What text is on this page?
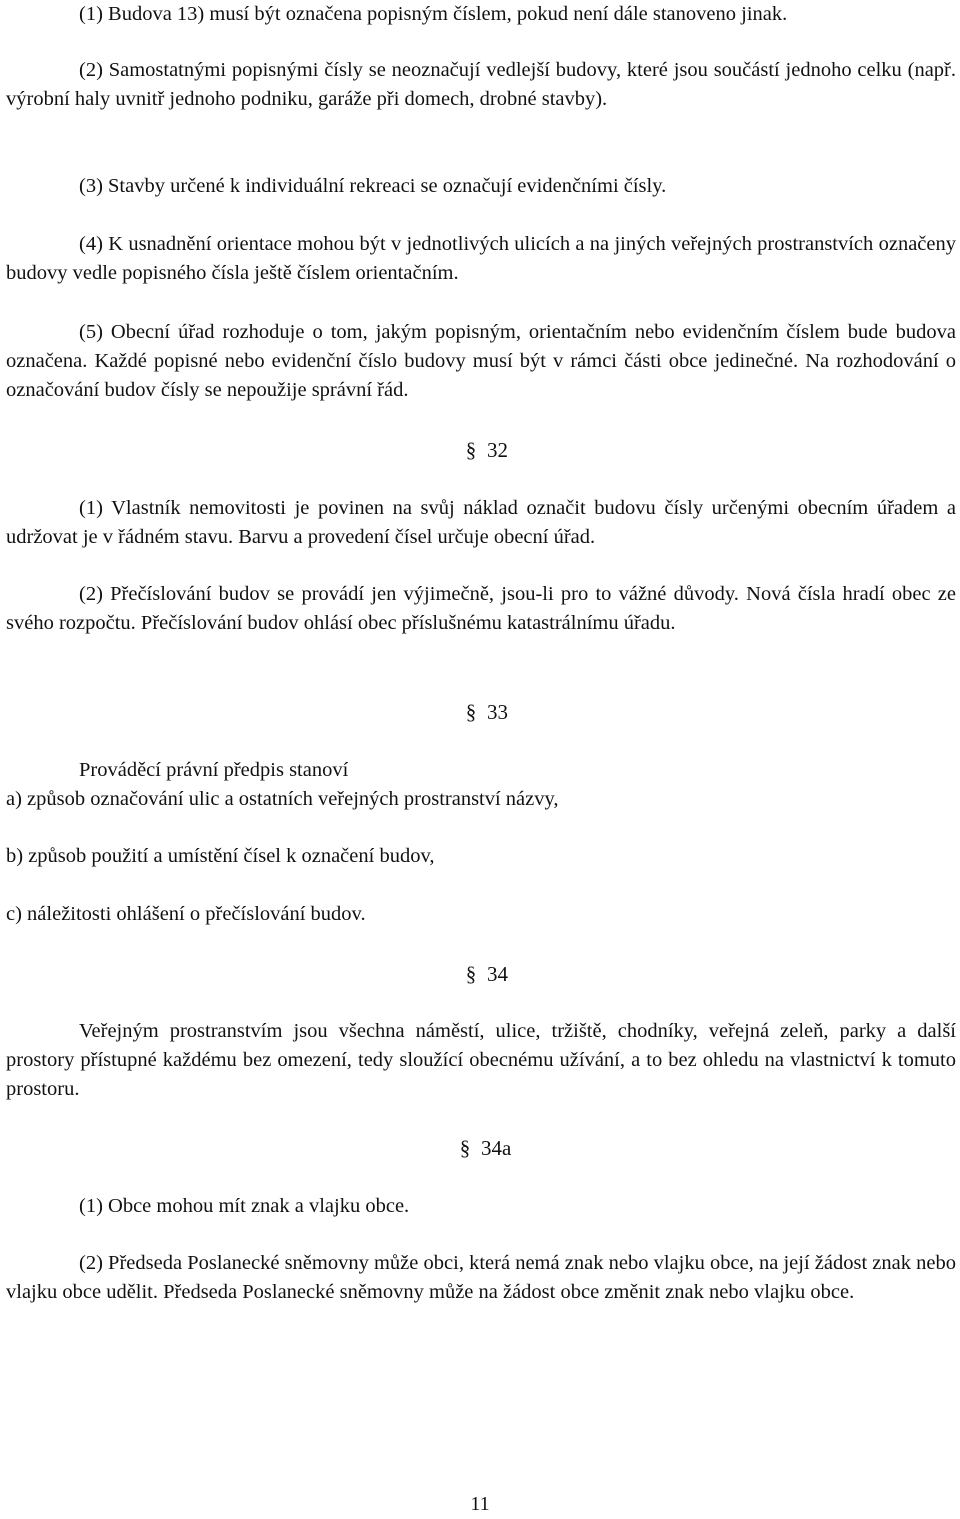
(1) Budova 13) musí být označena popisným číslem, pokud není dále stanoveno jinak.

(2) Samostatnými popisnými čísly se neoznačují vedlejší budovy, které jsou součástí jednoho celku (např. výrobní haly uvnitř jednoho podniku, garáže při domech, drobné stavby).

(3) Stavby určené k individuální rekreaci se označují evidenčními čísly.

(4) K usnadnění orientace mohou být v jednotlivých ulicích a na jiných veřejných prostranstvích označeny budovy vedle popisného čísla ještě číslem orientačním.

(5) Obecní úřad rozhoduje o tom, jakým popisným, orientačním nebo evidenčním číslem bude budova označena. Každé popisné nebo evidenční číslo budovy musí být v rámci části obce jedinečné. Na rozhodování o označování budov čísly se nepoužije správní řád.

§ 32

(1) Vlastník nemovitosti je povinen na svůj náklad označit budovu čísly určenými obecním úřadem a udržovat je v řádném stavu. Barvu a provedení čísel určuje obecní úřad.

(2) Přečíslování budov se provádí jen výjimečně, jsou-li pro to vážné důvody. Nová čísla hradí obec ze svého rozpočtu. Přečíslování budov ohlásí obec příslušnému katastrálnímu úřadu.

§ 33

Prováděcí právní předpis stanoví

a) způsob označování ulic a ostatních veřejných prostranství názvy,

b) způsob použití a umístění čísel k označení budov,

c) náležitosti ohlášení o přečíslování budov.

§ 34

Veřejným prostranstvím jsou všechna náměstí, ulice, tržiště, chodníky, veřejná zeleň, parky a další prostory přístupné každému bez omezení, tedy sloužící obecnému užívání, a to bez ohledu na vlastnictví k tomuto prostoru.

§ 34a

(1) Obce mohou mít znak a vlajku obce.

(2) Předseda Poslanecké sněmovny může obci, která nemá znak nebo vlajku obce, na její žádost znak nebo vlajku obce udělit. Předseda Poslanecké sněmovny může na žádost obce změnit znak nebo vlajku obce.

11
